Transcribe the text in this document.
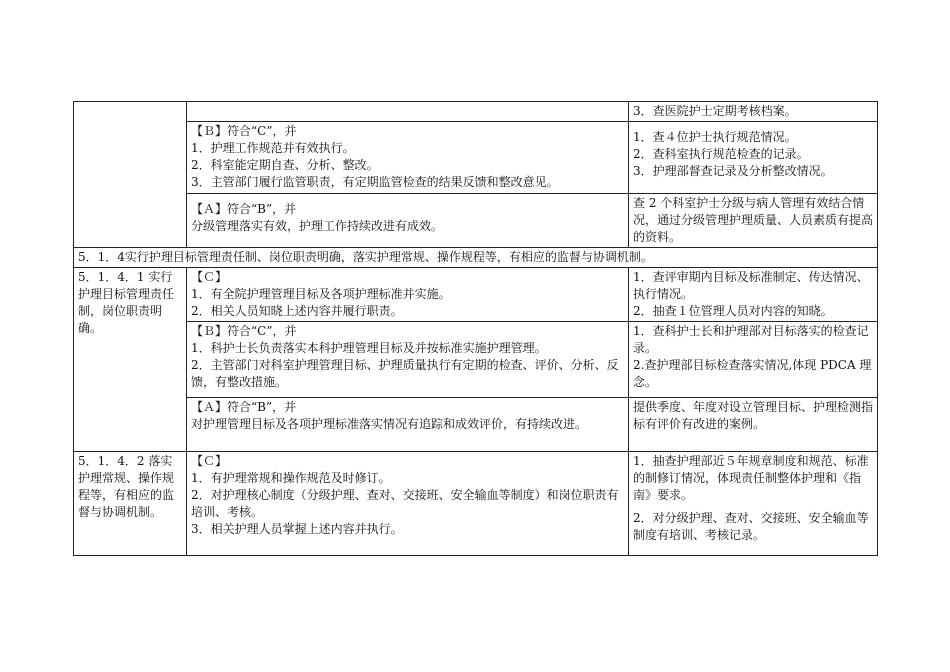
		3．查医院护士定期考核档案。

	【Ｂ】符合“C”，并
1．护理工作规范并有效执行。
2．科室能定期自查、分析、整改。
3．主管部门履行监管职责，有定期监管检查的结果反馈和整改意见。	1．查４位护士执行规范情况。
2．查科室执行规范检查的记录。
3．护理部督查记录及分析整改情况。

	【Ａ】符合“B”，并
分级管理落实有效，护理工作持续改进有成效。	查 2 个科室护士分级与病人管理有效结合情况，通过分级管理护理质量、人员素质有提高的资料。

5．1．4实行护理目标管理责任制、岗位职责明确，落实护理常规、操作规程等，有相应的监督与协调机制。		

5．1．4．1 实行护理目标管理责任制，岗位职责明确。	【Ｃ】
1．有全院护理管理目标及各项护理标准并实施。
2．相关人员知晓上述内容并履行职责。	1．查评审期内目标及标准制定、传达情况、执行情况。
2．抽查１位管理人员对内容的知晓。

	【Ｂ】符合“C”，并
1．科护士长负责落实本科护理管理目标及并按标准实施护理管理。
2．主管部门对科室护理管理目标、护理质量执行有定期的检查、评价、分析、反馈，有整改措施。	1．查科护士长和护理部对目标落实的检查记录。
2.查护理部目标检查落实情况,体现 PDCA 理念。

	【Ａ】符合“B”，并
对护理管理目标及各项护理标准落实情况有追踪和成效评价，有持续改进。	提供季度、年度对设立管理目标、护理检测指标有评价有改进的案例。

5．1．4．2 落实护理常规、操作规程等，有相应的监督与协调机制。	【Ｃ】
1．有护理常规和操作规范及时修订。
2．对护理核心制度（分级护理、查对、交接班、安全输血等制度）和岗位职责有培训、考核。
3．相关护理人员掌握上述内容并执行。	1．抽查护理部近５年规章制度和规范、标准的制修订情况，体现责任制整体护理和《指南》要求。
2．对分级护理、查对、交接班、安全输血等制度有培训、考核记录。
